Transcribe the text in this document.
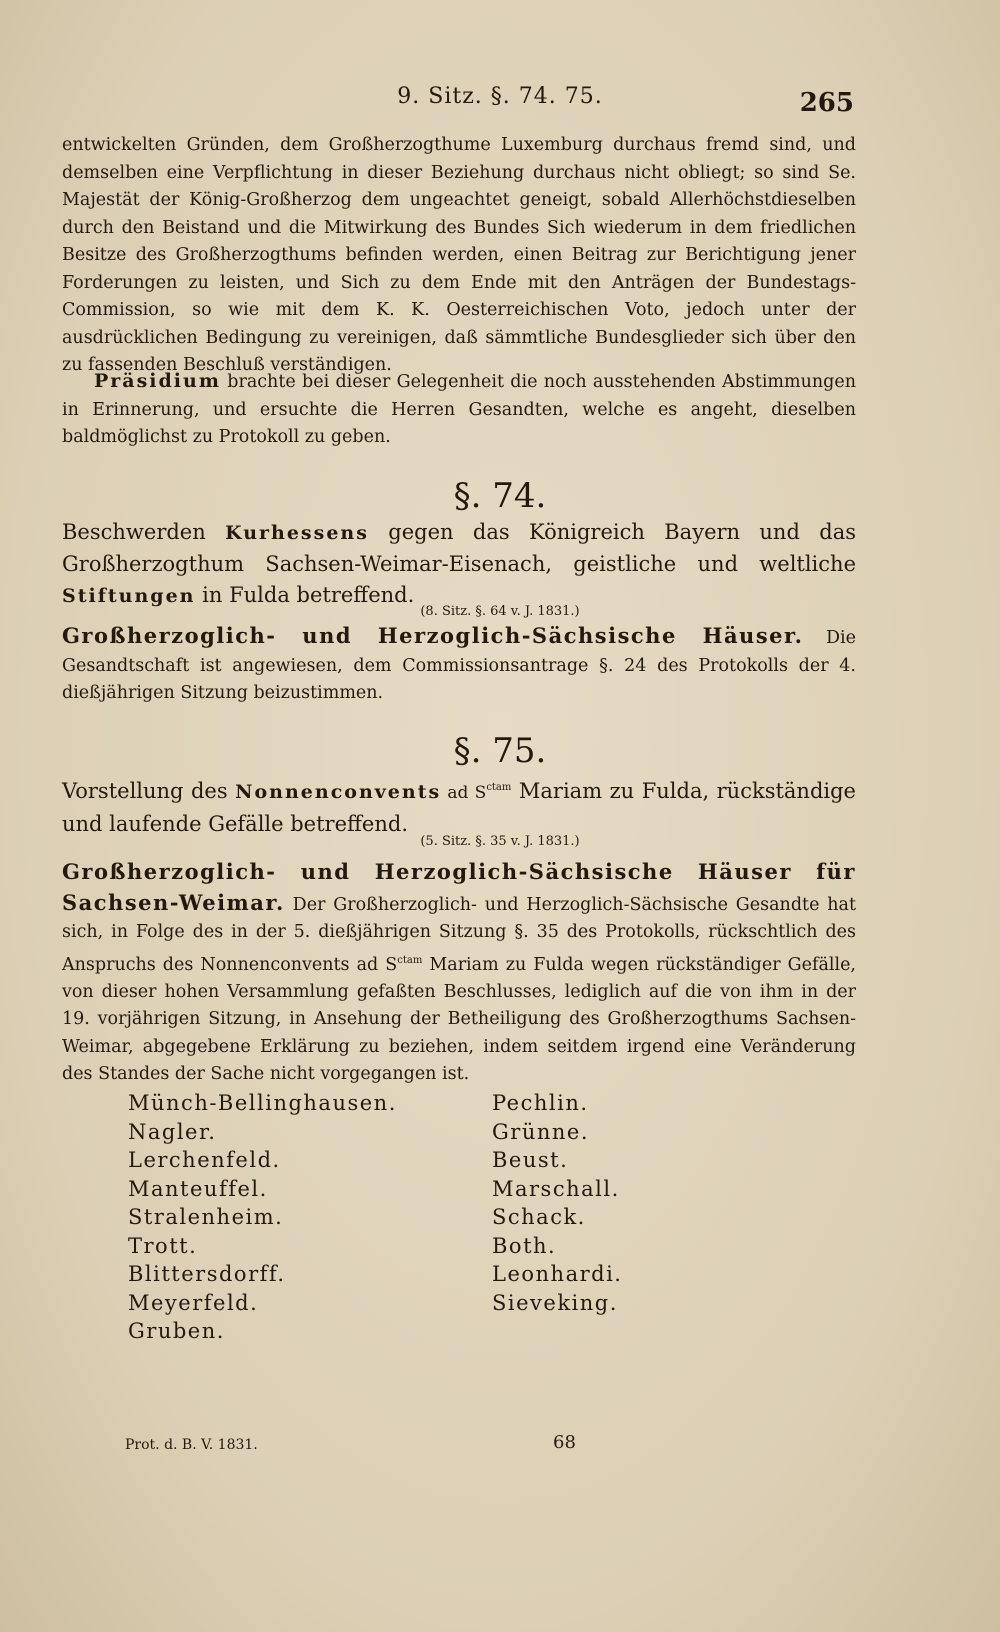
9. Sitz. §. 74. 75.	265
entwickelten Gründen, dem Großherzogthume Luxemburg durchaus fremd sind, und demselben eine Verpflichtung in dieser Beziehung durchaus nicht obliegt; so sind Se. Majestät der König-Großherzog dem ungeachtet geneigt, sobald Allerhöchstdieselben durch den Beistand und die Mitwirkung des Bundes Sich wiederum in dem friedlichen Besitze des Großherzogthums befinden werden, einen Beitrag zur Berichtigung jener Forderungen zu leisten, und Sich zu dem Ende mit den Anträgen der Bundestags-Commission, so wie mit dem K. K. Oesterreichischen Voto, jedoch unter der ausdrücklichen Bedingung zu vereinigen, daß sämmtliche Bundesglieder sich über den zu fassenden Beschluß verständigen.
Präsidium brachte bei dieser Gelegenheit die noch ausstehenden Abstimmungen in Erinnerung, und ersuchte die Herren Gesandten, welche es angeht, dieselben baldmöglichst zu Protokoll zu geben.
§. 74.
Beschwerden Kurhessens gegen das Königreich Bayern und das Großherzogthum Sachsen-Weimar-Eisenach, geistliche und weltliche Stiftungen in Fulda betreffend.
(8. Sitz. §. 64 v. J. 1831.)
Großherzoglich- und Herzoglich-Sächsische Häuser. Die Gesandtschaft ist angewiesen, dem Commissionsantrage §. 24 des Protokolls der 4. dießjährigen Sitzung beizustimmen.
§. 75.
Vorstellung des Nonnenconvents ad $S^{ctam}$ Mariam zu Fulda, rückständige und laufende Gefälle betreffend.
(5. Sitz. §. 35 v. J. 1831.)
Großherzoglich- und Herzoglich-Sächsische Häuser für Sachsen-Weimar. Der Großherzoglich- und Herzoglich-Sächsische Gesandte hat sich, in Folge des in der 5. dießjährigen Sitzung §. 35 des Protokolls, rückschtlich des Anspruchs des Nonnenconvents ad $S^{ctam}$ Mariam zu Fulda wegen rückständiger Gefälle, von dieser hohen Versammlung gefaßten Beschlusses, lediglich auf die von ihm in der 19. vorjährigen Sitzung, in Ansehung der Betheiligung des Großherzogthums Sachsen-Weimar, abgegebene Erklärung zu beziehen, indem seitdem irgend eine Veränderung des Standes der Sache nicht vorgegangen ist.
Münch-Bellinghausen.
Nagler.
Lerchenfeld.
Manteuffel.
Stralenheim.
Trott.
Blittersdorff.
Meyerfeld.
Gruben.
Pechlin.
Grünne.
Beust.
Marschall.
Schack.
Both.
Leonhardi.
Sieveking.
Prot. d. B. V. 1831.	68
